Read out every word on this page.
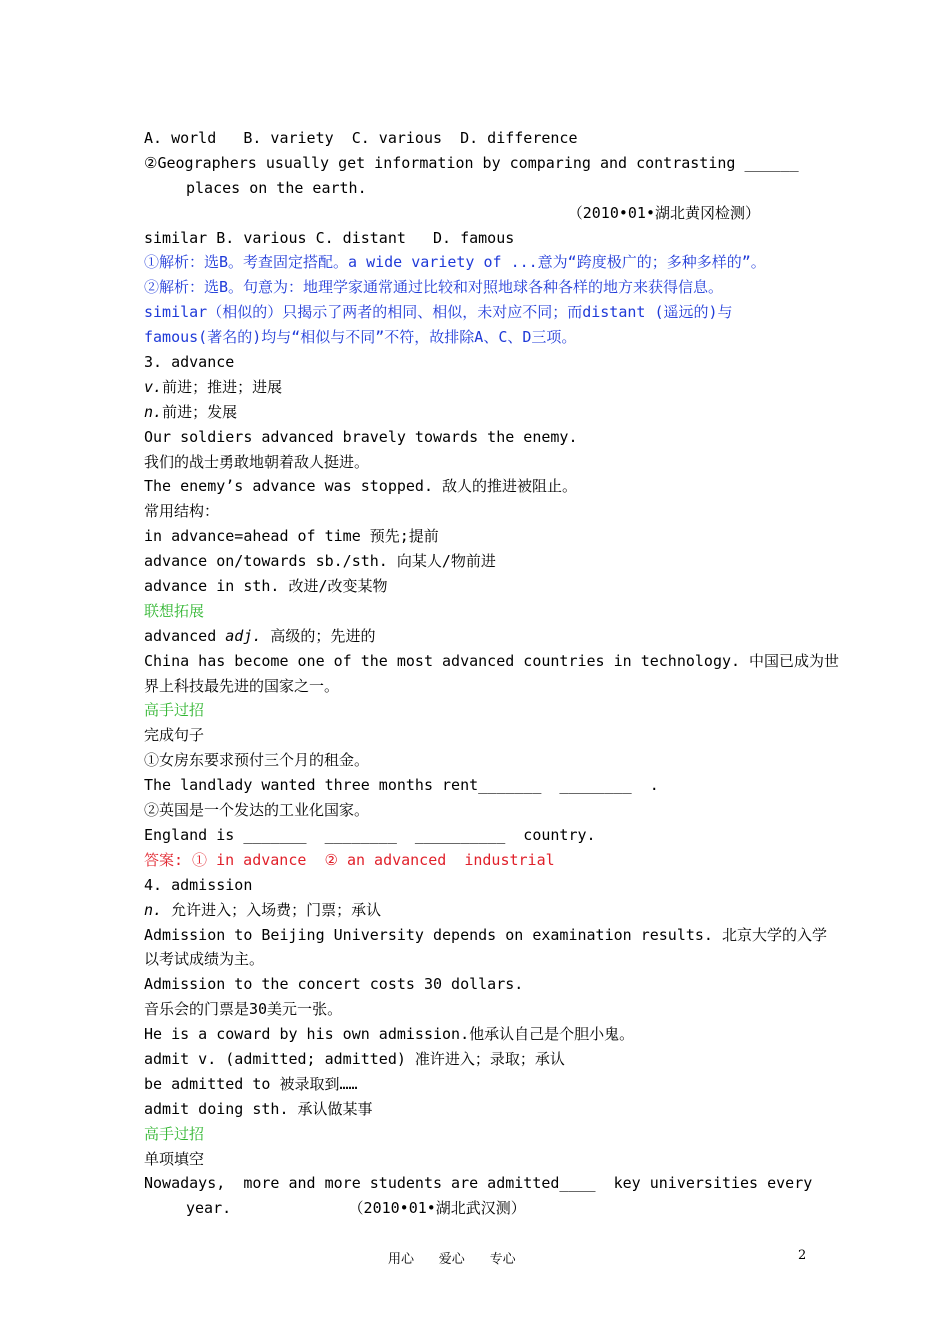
A. world   B. variety  C. various  D. difference
②Geographers usually get information by comparing and contrasting ______
places on the earth.
（2010•01•湖北黄冈检测）
similar B. various C. distant   D. famous
①解析：选B。考查固定搭配。a wide variety of ...意为“跨度极广的；多种多样的”。
②解析：选B。句意为：地理学家通常通过比较和对照地球各种各样的地方来获得信息。
similar（相似的）只揭示了两者的相同、相似，未对应不同；而distant (遥远的)与
famous(著名的)均与“相似与不同”不符，故排除A、C、D三项。
3. advance
v.前进；推进；进展
n.前进；发展
Our soldiers advanced bravely towards the enemy.
我们的战士勇敢地朝着敌人挺进。
The enemy’s advance was stopped. 敌人的推进被阻止。
常用结构：
in advance=ahead of time 预先;提前
advance on/towards sb./sth. 向某人/物前进
advance in sth. 改进/改变某物
联想拓展
advanced adj. 高级的；先进的
China has become one of the most advanced countries in technology. 中国已成为世
界上科技最先进的国家之一。
高手过招
完成句子
①女房东要求预付三个月的租金。
The landlady wanted three months rent_______  ________  .
②英国是一个发达的工业化国家。
England is _______  ________  __________  country.
答案: ① in advance  ② an advanced  industrial
4. admission
n. 允许进入；入场费；门票；承认
Admission to Beijing University depends on examination results. 北京大学的入学
以考试成绩为主。
Admission to the concert costs 30 dollars.
音乐会的门票是30美元一张。
He is a coward by his own admission.他承认自己是个胆小鬼。
admit v. (admitted; admitted) 准许进入；录取；承认
be admitted to 被录取到……
admit doing sth. 承认做某事
高手过招
单项填空
Nowadays,  more and more students are admitted____  key universities every
year.             （2010•01•湖北武汉测）
用心      爱心      专心	2
